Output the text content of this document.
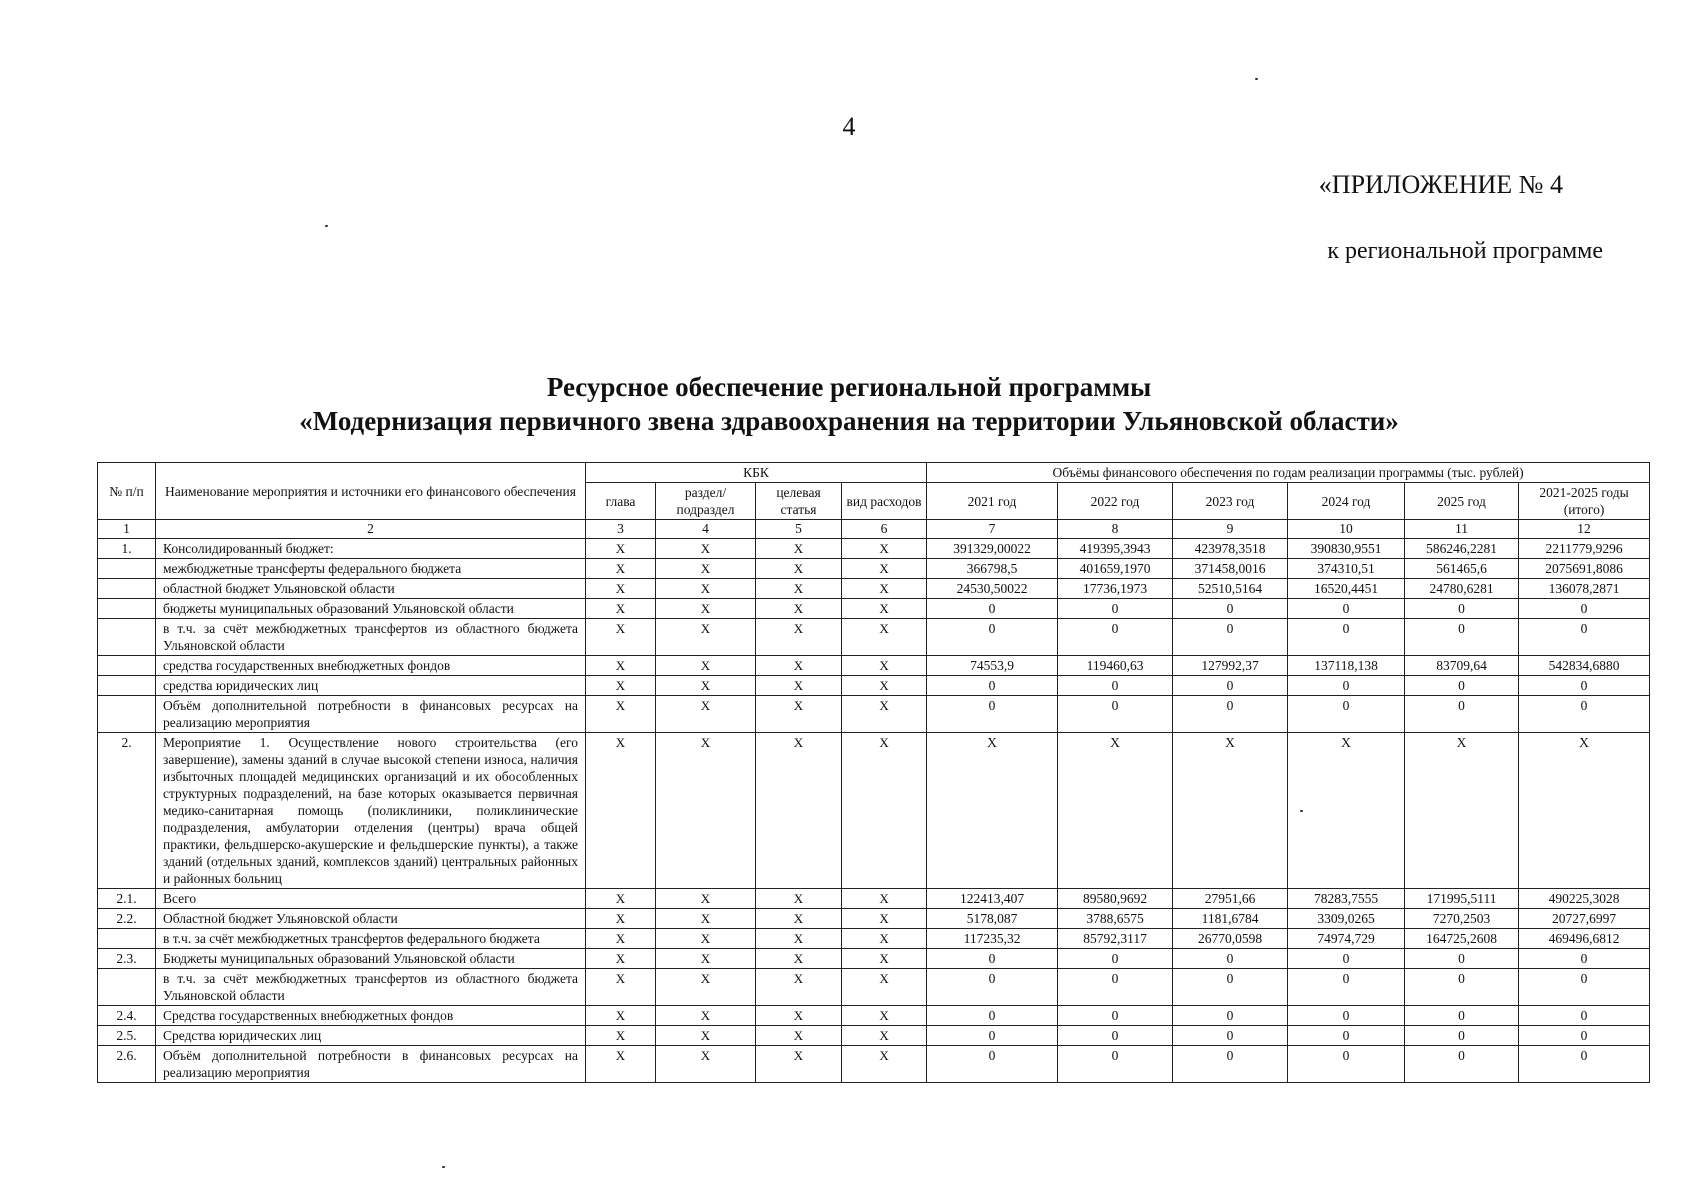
4
«ПРИЛОЖЕНИЕ № 4
к региональной программе
Ресурсное обеспечение региональной программы
«Модернизация первичного звена здравоохранения на территории Ульяновской области»
№ п/п	Наименование мероприятия и источники его финансового обеспечения	КБК				Объёмы финансового обеспечения по годам реализации программы (тыс. рублей)					
		глава	раздел/ подраздел	целевая статья	вид расходов	2021 год	2022 год	2023 год	2024 год	2025 год	2021-2025 годы (итого)
1	2	3	4	5	6	7	8	9	10	11	12
1.	Консолидированный бюджет:	X	X	X	X	391329,00022	419395,3943	423978,3518	390830,9551	586246,2281	2211779,9296
	межбюджетные трансферты федерального бюджета	X	X	X	X	366798,5	401659,1970	371458,0016	374310,51	561465,6	2075691,8086
	областной бюджет Ульяновской области	X	X	X	X	24530,50022	17736,1973	52510,5164	16520,4451	24780,6281	136078,2871
	бюджеты муниципальных образований Ульяновской области	X	X	X	X	0	0	0	0	0	0
	в т.ч. за счёт межбюджетных трансфертов из областного бюджета Ульяновской области	X	X	X	X	0	0	0	0	0	0
	средства государственных внебюджетных фондов	X	X	X	X	74553,9	119460,63	127992,37	137118,138	83709,64	542834,6880
	средства юридических лиц	X	X	X	X	0	0	0	0	0	0
	Объём дополнительной потребности в финансовых ресурсах на реализацию мероприятия	X	X	X	X	0	0	0	0	0	0
2.	Мероприятие 1. Осуществление нового строительства (его завершение), замены зданий в случае высокой степени износа, наличия избыточных площадей медицинских организаций и их обособленных структурных подразделений, на базе которых оказывается первичная медико-санитарная помощь (поликлиники, поликлинические подразделения, амбулатории отделения (центры) врача общей практики, фельдшерско-акушерские и фельдшерские пункты), а также зданий (отдельных зданий, комплексов зданий) центральных районных и районных больниц	X	X	X	X	X	X	X	X	X	X
2.1.	Всего	X	X	X	X	122413,407	89580,9692	27951,66	78283,7555	171995,5111	490225,3028
2.2.	Областной бюджет Ульяновской области	X	X	X	X	5178,087	3788,6575	1181,6784	3309,0265	7270,2503	20727,6997
	в т.ч. за счёт межбюджетных трансфертов федерального бюджета	X	X	X	X	117235,32	85792,3117	26770,0598	74974,729	164725,2608	469496,6812
2.3.	Бюджеты муниципальных образований Ульяновской области	X	X	X	X	0	0	0	0	0	0
	в т.ч. за счёт межбюджетных трансфертов из областного бюджета Ульяновской области	X	X	X	X	0	0	0	0	0	0
2.4.	Средства государственных внебюджетных фондов	X	X	X	X	0	0	0	0	0	0
2.5.	Средства юридических лиц	X	X	X	X	0	0	0	0	0	0
2.6.	Объём дополнительной потребности в финансовых ресурсах на реализацию мероприятия	X	X	X	X	0	0	0	0	0	0
